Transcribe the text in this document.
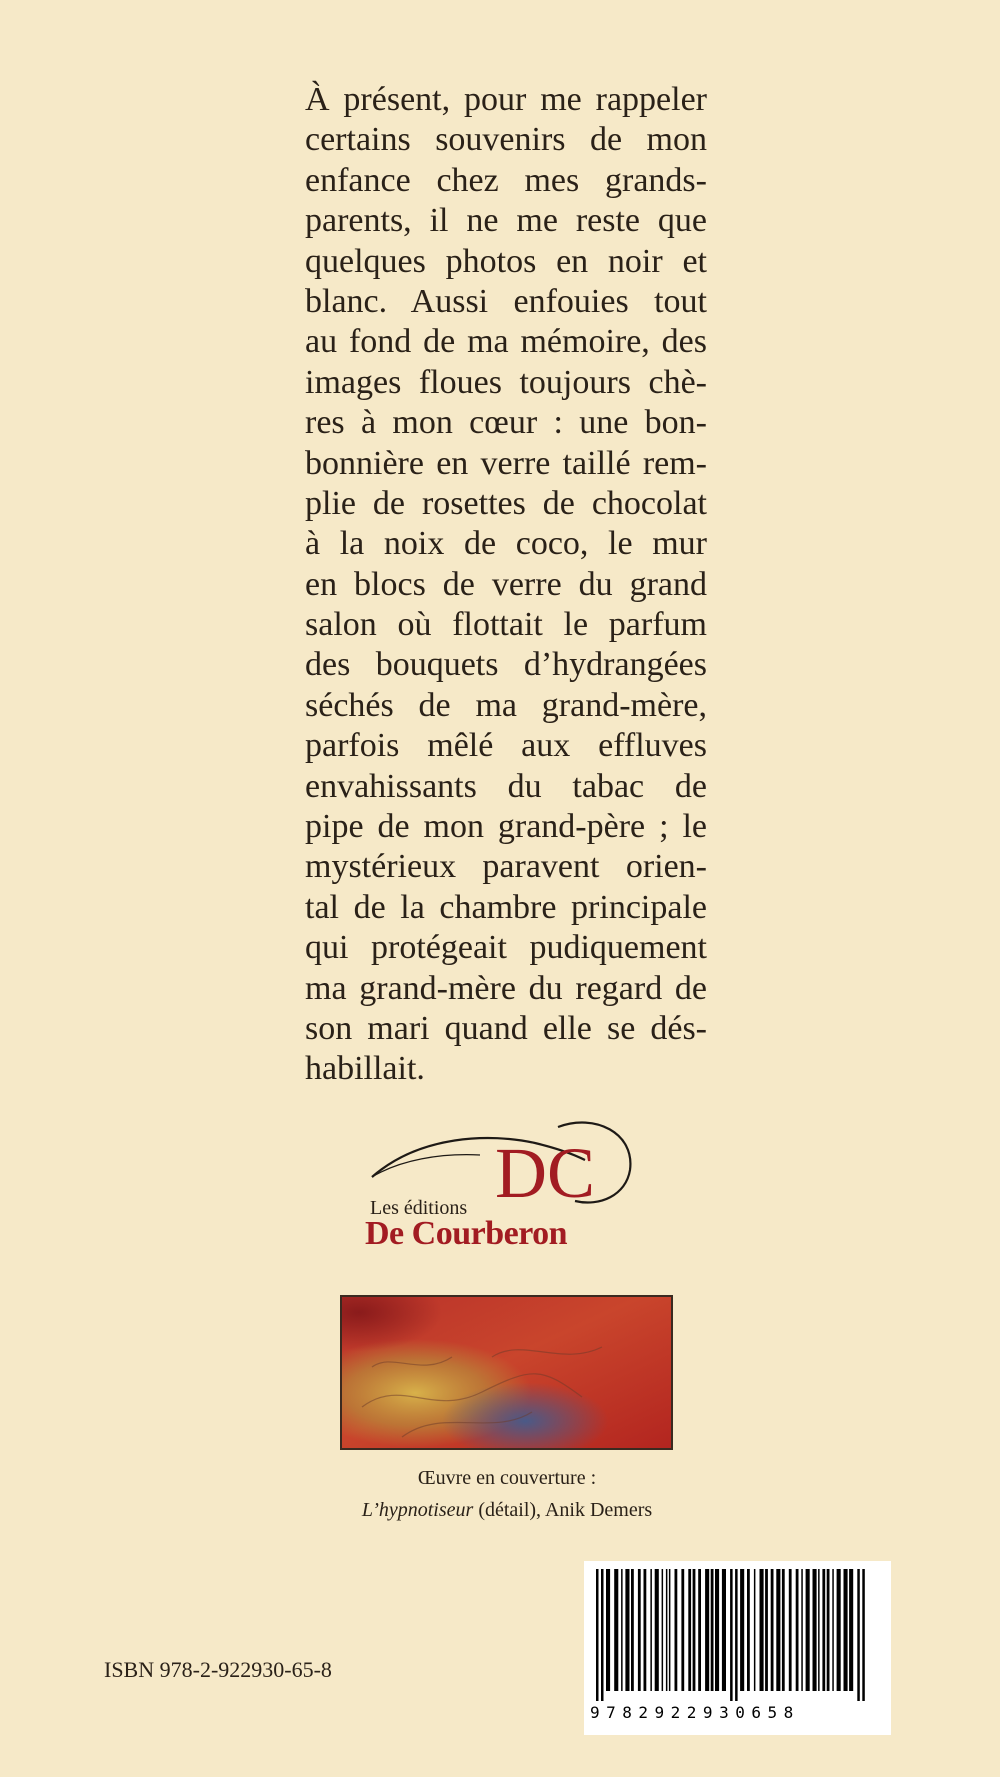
À présent, pour me rappeler
certains souvenirs de mon
enfance chez mes grands-
parents, il ne me reste que
quelques photos en noir et
blanc. Aussi enfouies tout
au fond de ma mémoire, des
images floues toujours chè-
res à mon cœur : une bon-
bonnière en verre taillé rem-
plie de rosettes de chocolat
à la noix de coco, le mur
en blocs de verre du grand
salon où flottait le parfum
des bouquets d’hydrangées
séchés de ma grand-mère,
parfois mêlé aux effluves
envahissants du tabac de
pipe de mon grand-père ; le
mystérieux paravent orien-
tal de la chambre principale
qui protégeait pudiquement
ma grand-mère du regard de
son mari quand elle se dés-
habillait.
DC
Les éditions
De Courberon
Œuvre en couverture :
L’hypnotiseur (détail), Anik Demers
ISBN 978-2-922930-65-8
9782922930658
